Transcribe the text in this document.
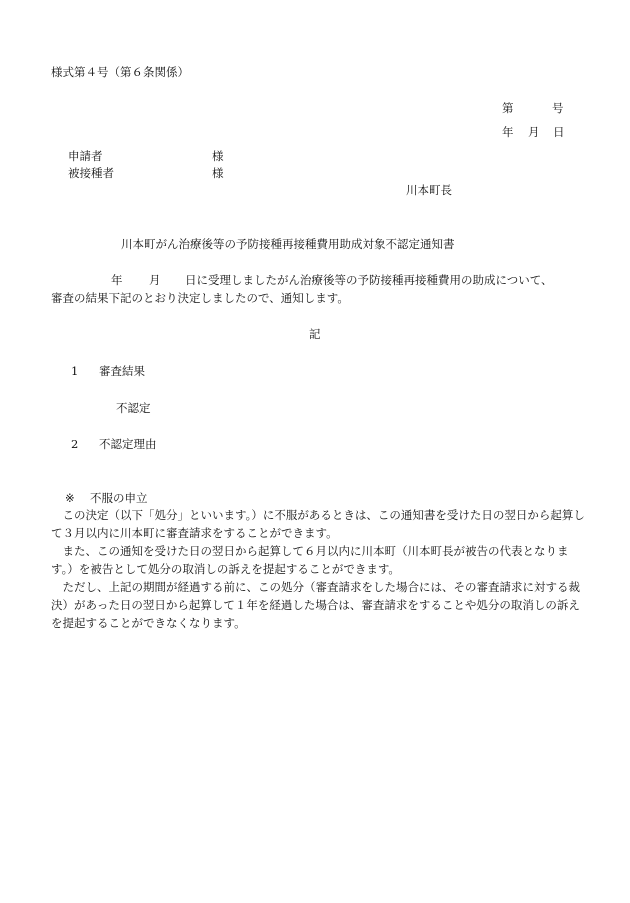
様式第４号（第６条関係）
第	号
年 月 日
申請者	様
被接種者	様
川本町長
川本町がん治療後等の予防接種再接種費用助成対象不認定通知書
年 月 日に受理しましたがん治療後等の予防接種再接種費用の助成について、
審査の結果下記のとおり決定しましたので、通知します。
記
1 審査結果
不認定
2 不認定理由
※ 不服の申立

この決定（以下「処分」といいます。）に不服があるときは、この通知書を受けた日の翌日から起算して３月以内に川本町に審査請求をすることができます。

また、この通知を受けた日の翌日から起算して６月以内に川本町（川本町長が被告の代表となります。）を被告として処分の取消しの訴えを提起することができます。

ただし、上記の期間が経過する前に、この処分（審査請求をした場合には、その審査請求に対する裁決）があった日の翌日から起算して１年を経過した場合は、審査請求をすることや処分の取消しの訴えを提起することができなくなります。
